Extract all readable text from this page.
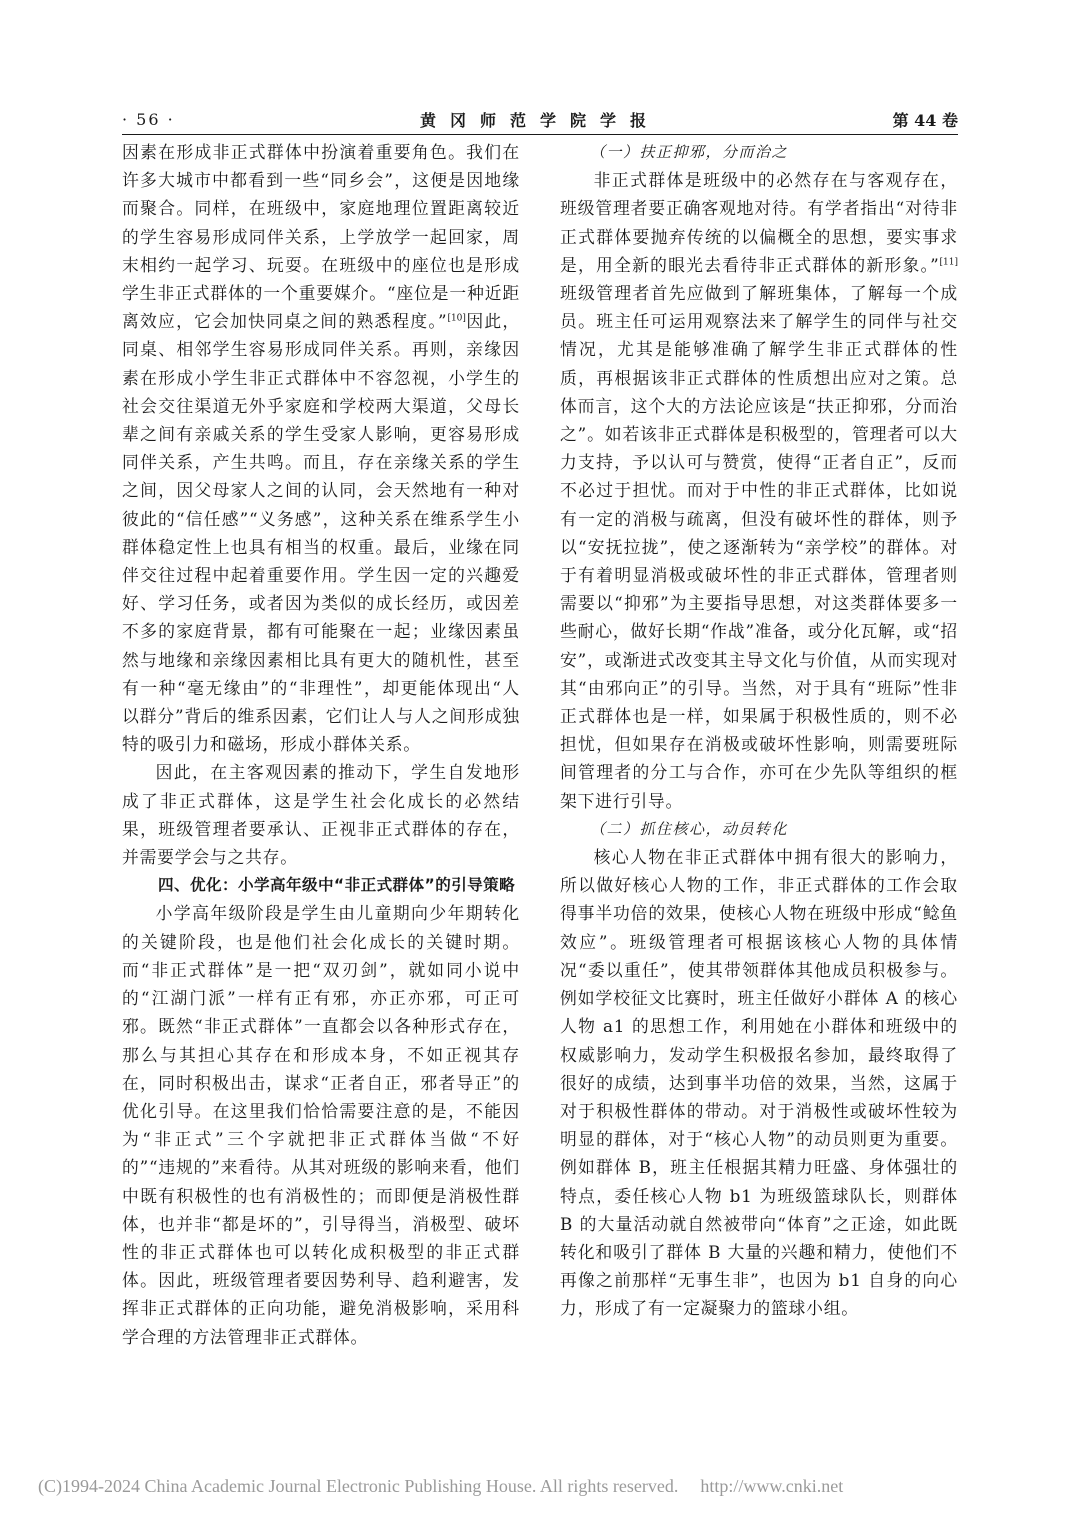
· 56 ·	黄冈师范学院学报	第 44 卷

因素在形成非正式群体中扮演着重要角色。我们在许多大城市中都看到一些“同乡会”，这便是因地缘而聚合。同样，在班级中，家庭地理位置距离较近的学生容易形成同伴关系，上学放学一起回家，周末相约一起学习、玩耍。在班级中的座位也是形成学生非正式群体的一个重要媒介。“座位是一种近距离效应，它会加快同桌之间的熟悉程度。”[10]因此，同桌、相邻学生容易形成同伴关系。再则，亲缘因素在形成小学生非正式群体中不容忽视，小学生的社会交往渠道无外乎家庭和学校两大渠道，父母长辈之间有亲戚关系的学生受家人影响，更容易形成同伴关系，产生共鸣。而且，存在亲缘关系的学生之间，因父母家人之间的认同，会天然地有一种对彼此的“信任感”“义务感”，这种关系在维系学生小群体稳定性上也具有相当的权重。最后，业缘在同伴交往过程中起着重要作用。学生因一定的兴趣爱好、学习任务，或者因为类似的成长经历，或因差不多的家庭背景，都有可能聚在一起；业缘因素虽然与地缘和亲缘因素相比具有更大的随机性，甚至有一种“毫无缘由”的“非理性”，却更能体现出“人以群分”背后的维系因素，它们让人与人之间形成独特的吸引力和磁场，形成小群体关系。

因此，在主客观因素的推动下，学生自发地形成了非正式群体，这是学生社会化成长的必然结果，班级管理者要承认、正视非正式群体的存在，并需要学会与之共存。

四、优化：小学高年级中“非正式群体”的引导策略

小学高年级阶段是学生由儿童期向少年期转化的关键阶段，也是他们社会化成长的关键时期。而“非正式群体”是一把“双刃剑”，就如同小说中的“江湖门派”一样有正有邪，亦正亦邪，可正可邪。既然“非正式群体”一直都会以各种形式存在，那么与其担心其存在和形成本身，不如正视其存在，同时积极出击，谋求“正者自正，邪者导正”的优化引导。在这里我们恰恰需要注意的是，不能因为“非正式”三个字就把非正式群体当做“不好的”“违规的”来看待。从其对班级的影响来看，他们中既有积极性的也有消极性的；而即便是消极性群体，也并非“都是坏的”，引导得当，消极型、破坏性的非正式群体也可以转化成积极型的非正式群体。因此，班级管理者要因势利导、趋利避害，发挥非正式群体的正向功能，避免消极影响，采用科学合理的方法管理非正式群体。

（一）扶正抑邪，分而治之

非正式群体是班级中的必然存在与客观存在，班级管理者要正确客观地对待。有学者指出“对待非正式群体要抛弃传统的以偏概全的思想，要实事求是，用全新的眼光去看待非正式群体的新形象。”[11]班级管理者首先应做到了解班集体，了解每一个成员。班主任可运用观察法来了解学生的同伴与社交情况，尤其是能够准确了解学生非正式群体的性质，再根据该非正式群体的性质想出应对之策。总体而言，这个大的方法论应该是“扶正抑邪，分而治之”。如若该非正式群体是积极型的，管理者可以大力支持，予以认可与赞赏，使得“正者自正”，反而不必过于担忧。而对于中性的非正式群体，比如说有一定的消极与疏离，但没有破坏性的群体，则予以“安抚拉拢”，使之逐渐转为“亲学校”的群体。对于有着明显消极或破坏性的非正式群体，管理者则需要以“抑邪”为主要指导思想，对这类群体要多一些耐心，做好长期“作战”准备，或分化瓦解，或“招安”，或渐进式改变其主导文化与价值，从而实现对其“由邪向正”的引导。当然，对于具有“班际”性非正式群体也是一样，如果属于积极性质的，则不必担忧，但如果存在消极或破坏性影响，则需要班际间管理者的分工与合作，亦可在少先队等组织的框架下进行引导。

（二）抓住核心，动员转化

核心人物在非正式群体中拥有很大的影响力，所以做好核心人物的工作，非正式群体的工作会取得事半功倍的效果，使核心人物在班级中形成“鲶鱼效应”。班级管理者可根据该核心人物的具体情况“委以重任”，使其带领群体其他成员积极参与。例如学校征文比赛时，班主任做好小群体 A 的核心人物 a1 的思想工作，利用她在小群体和班级中的权威影响力，发动学生积极报名参加，最终取得了很好的成绩，达到事半功倍的效果，当然，这属于对于积极性群体的带动。对于消极性或破坏性较为明显的群体，对于“核心人物”的动员则更为重要。例如群体 B，班主任根据其精力旺盛、身体强壮的特点，委任核心人物 b1 为班级篮球队长，则群体 B 的大量活动就自然被带向“体育”之正途，如此既转化和吸引了群体 B 大量的兴趣和精力，使他们不再像之前那样“无事生非”，也因为 b1 自身的向心力，形成了有一定凝聚力的篮球小组。

(C)1994-2024 China Academic Journal Electronic Publishing House. All rights reserved. http://www.cnki.net
